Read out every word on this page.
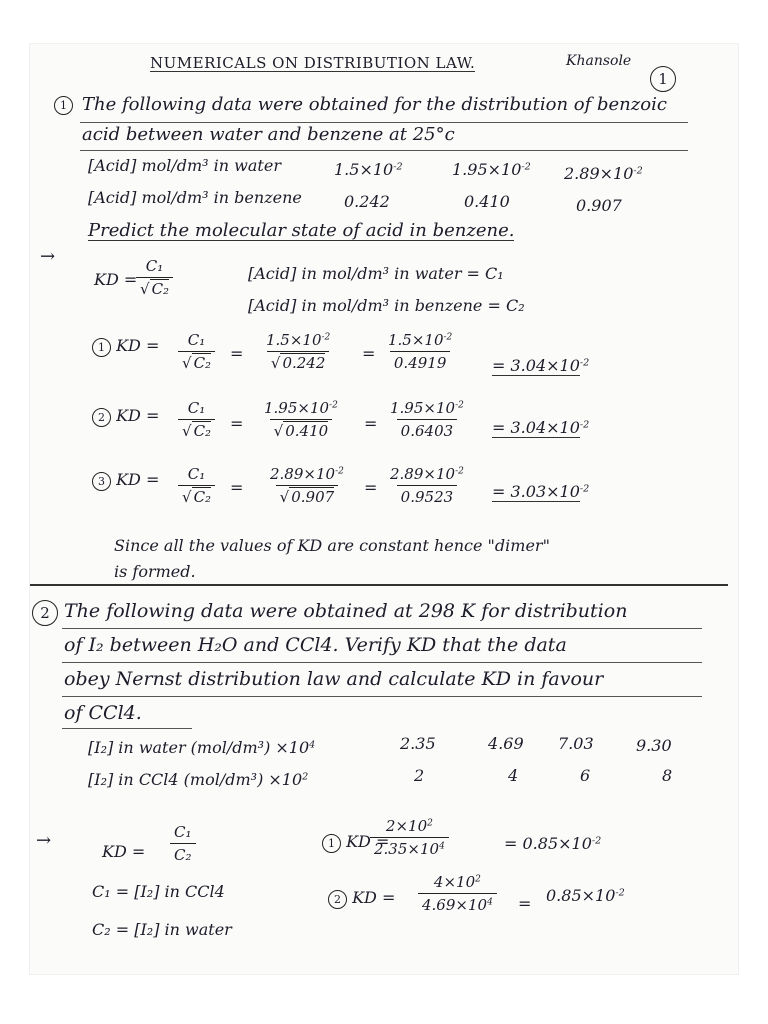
NUMERICALS ON DISTRIBUTION LAW.	Khansole
1
1 The following data were obtained for the distribution of benzoic
acid between water and benzene at 25°c
[Acid] mol/dm³ in water	$1.5\times 10^{-2}$	$1.95\times 10^{-2}$ $2.89\times 10^{-2}$
[Acid] mol/dm³ in benzene	0.242	0.410	0.907
Predict the molecular state of acid in benzene.
→
KD =
$\frac{\text{C₁}}{\text{√ C₂}}$	[Acid] in mol/dm³ in water = C₁
[Acid] in mol/dm³ in benzene = C₂
1 KD = $\frac{\text{C₁}}{\text{√ C₂}} = \frac{1.5\times 10^{-2}}{√ 0.242} = \frac{1.5\times 10^{-2}}{0.4919} = 3.04\times 10^{-2}$
2 KD = $\frac{\text{C₁}}{\text{√ C₂}} = \frac{1.95\times 10^{-2}}{√ 0.410} = \frac{1.95\times 10^{-2}}{0.6403} = 3.04\times 10^{-2}$
3 KD = $\frac{\text{C₁}}{\text{√ C₂}} = \frac{2.89\times 10^{-2}}{√ 0.907} = \frac{2.89\times 10^{-2}}{0.9523} = 3.03\times 10^{-2}$
Since all the values of KD are constant hence "dimer"
is formed.
2 The following data were obtained at 298 K for distribution
of I₂ between H₂O and CCl4. Verify KD that the data
obey Nernst distribution law and calculate KD in favour
of CCl4.
[I₂] in water $(mol/dm^3) \times 10^4$	2.35	4.69 7.03	9.30
[I₂] in CCl4 $(mol/dm^3) \times 10^2$	2	4	6	8
→
KD = $\frac{\text{C₁}}{\text{C₂}}$	1 KD =
$\frac{2\times 10^2}{2.35\times 10^4}$	= $0.85\times 10^{-2}$
C₁ = [I₂] in CCl4
C₂ = [I₂] in water
2 KD = $\frac{4\times 10^2}{4.69\times 10^4} = 0.85\times 10^{-2}$
